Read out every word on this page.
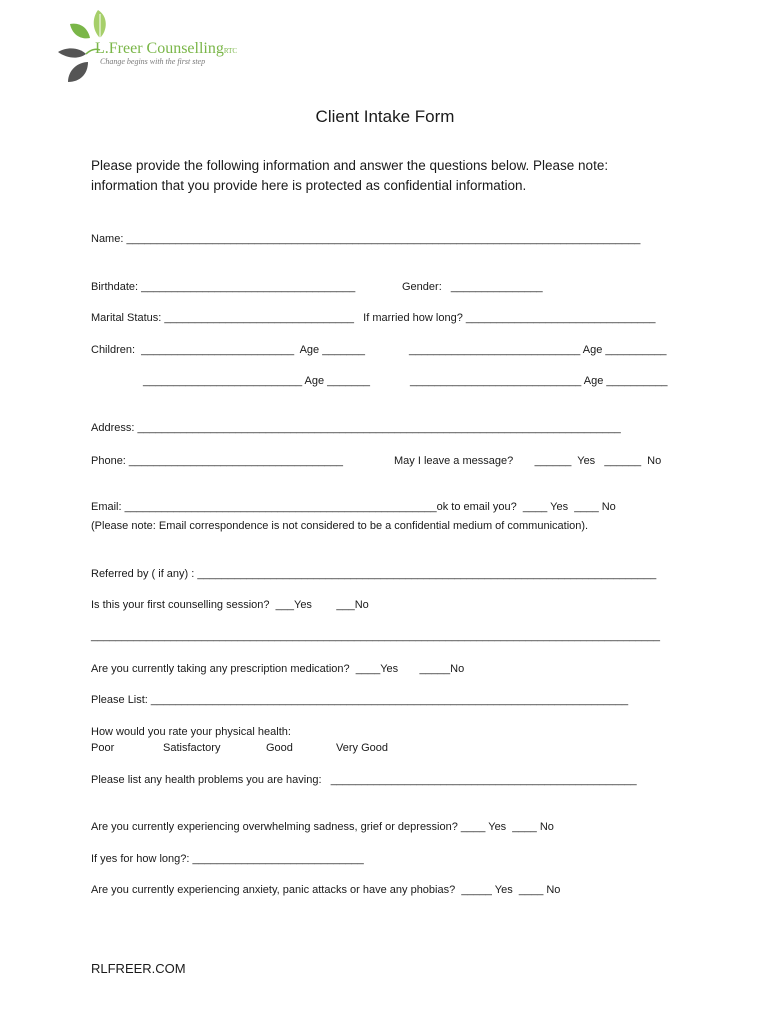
L.Freer CounsellingRTC
Change begins with the first step
Client Intake Form
Please provide the following information and answer the questions below. Please note: information that you provide here is protected as confidential information.
Name: ____________________________________________________________________________________
Birthdate: ___________________________________	Gender:   _______________
Marital Status: _______________________________   If married how long? _______________________________
Children:  _________________________  Age _______	____________________________ Age __________
__________________________ Age _______	____________________________ Age __________
Address: _______________________________________________________________________________
Phone: ___________________________________	May I leave a message?       ______  Yes   ______  No
Email: ___________________________________________________ok to email you?  ____ Yes  ____ No
(Please note: Email correspondence is not considered to be a confidential medium of communication).
Referred by ( if any) : ___________________________________________________________________________
Is this your first counselling session?  ___Yes        ___No
_____________________________________________________________________________________________
Are you currently taking any prescription medication?  ____Yes       _____No
Please List: ______________________________________________________________________________
How would you rate your physical health:
Poor	Satisfactory	Good	Very Good
Please list any health problems you are having:   __________________________________________________
Are you currently experiencing overwhelming sadness, grief or depression? ____ Yes  ____ No
If yes for how long?: ____________________________
Are you currently experiencing anxiety, panic attacks or have any phobias?  _____ Yes  ____ No
RLFREER.COM
